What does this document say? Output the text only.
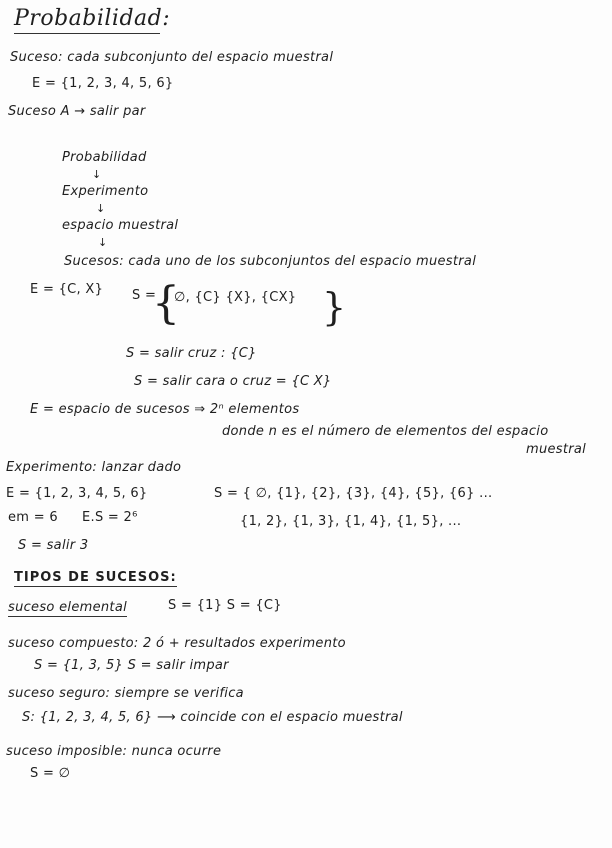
Probabilidad:
Suceso: cada subconjunto del espacio muestral
E = {1, 2, 3, 4, 5, 6}
Suceso A → salir par
Probabilidad
↓
Experimento
↓
espacio muestral
↓
Sucesos: cada uno de los subconjuntos del espacio muestral
E = {C, X} S =
{
∅, {C} {X}, {CX} }
S = salir cruz : {C}
S = salir cara o cruz = {C X}
E = espacio de sucesos ⇒ 2ⁿ elementos
donde n es el número de elementos del espacio
muestral
Experimento: lanzar dado
E = {1, 2, 3, 4, 5, 6}	S = { ∅, {1}, {2}, {3}, {4}, {5}, {6} ...
{1, 2}, {1, 3}, {1, 4}, {1, 5}, ...
em = 6 E.S = 2⁶
S = salir 3
TIPOS DE SUCESOS:
suceso elemental	S = {1} S = {C}
suceso compuesto: 2 ó + resultados experimento
S = {1, 3, 5} S = salir impar
suceso seguro: siempre se verifica
S: {1, 2, 3, 4, 5, 6} ⟶ coincide con el espacio muestral
suceso imposible: nunca ocurre
S = ∅
